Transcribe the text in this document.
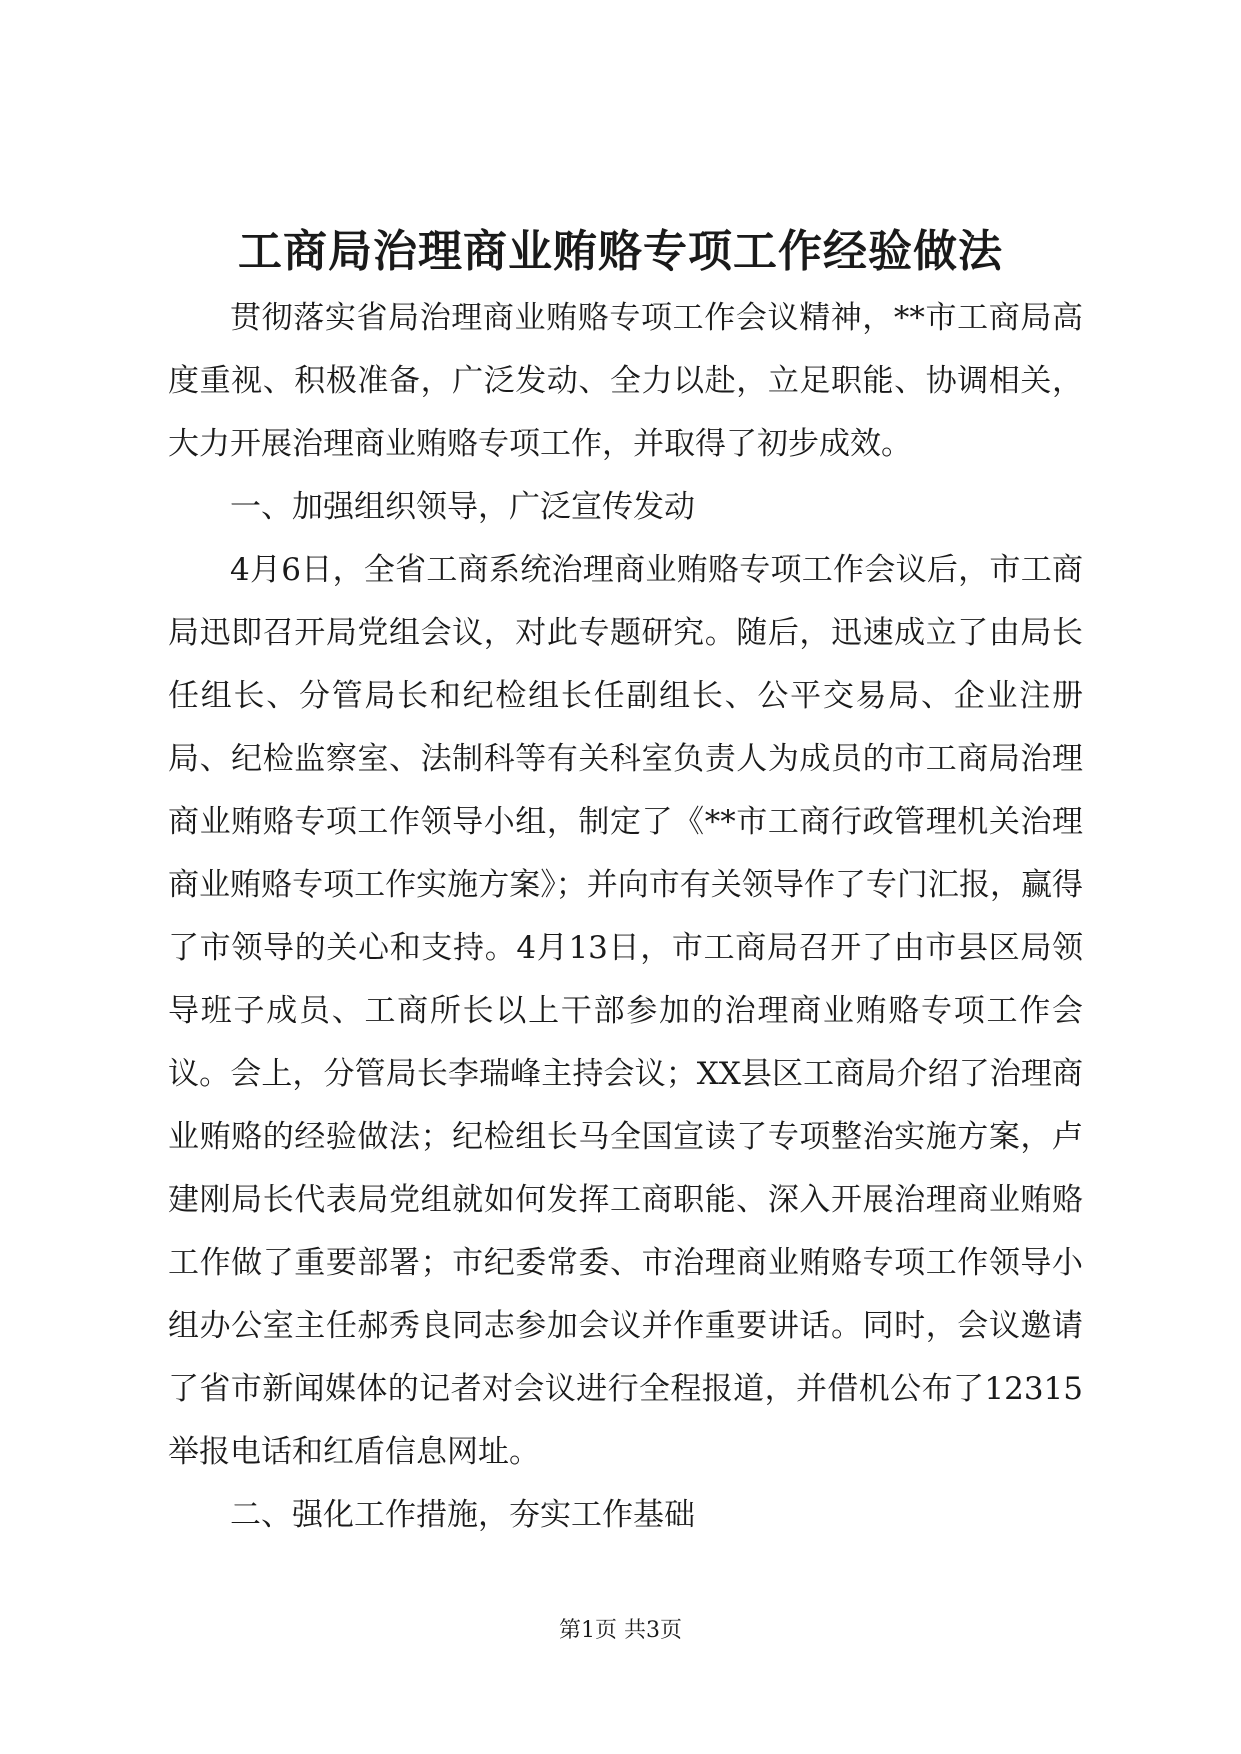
工商局治理商业贿赂专项工作经验做法

贯彻落实省局治理商业贿赂专项工作会议精神，**市工商局高度重视、积极准备，广泛发动、全力以赴，立足职能、协调相关，大力开展治理商业贿赂专项工作，并取得了初步成效。

一、加强组织领导，广泛宣传发动

4月6日，全省工商系统治理商业贿赂专项工作会议后，市工商局迅即召开局党组会议，对此专题研究。随后，迅速成立了由局长任组长、分管局长和纪检组长任副组长、公平交易局、企业注册局、纪检监察室、法制科等有关科室负责人为成员的市工商局治理商业贿赂专项工作领导小组，制定了《**市工商行政管理机关治理商业贿赂专项工作实施方案》；并向市有关领导作了专门汇报，赢得了市领导的关心和支持。4月13日，市工商局召开了由市县区局领导班子成员、工商所长以上干部参加的治理商业贿赂专项工作会议。会上，分管局长李瑞峰主持会议；XX县区工商局介绍了治理商业贿赂的经验做法；纪检组长马全国宣读了专项整治实施方案，卢建刚局长代表局党组就如何发挥工商职能、深入开展治理商业贿赂工作做了重要部署；市纪委常委、市治理商业贿赂专项工作领导小组办公室主任郝秀良同志参加会议并作重要讲话。同时，会议邀请了省市新闻媒体的记者对会议进行全程报道，并借机公布了12315举报电话和红盾信息网址。

二、强化工作措施，夯实工作基础

第1页 共3页
